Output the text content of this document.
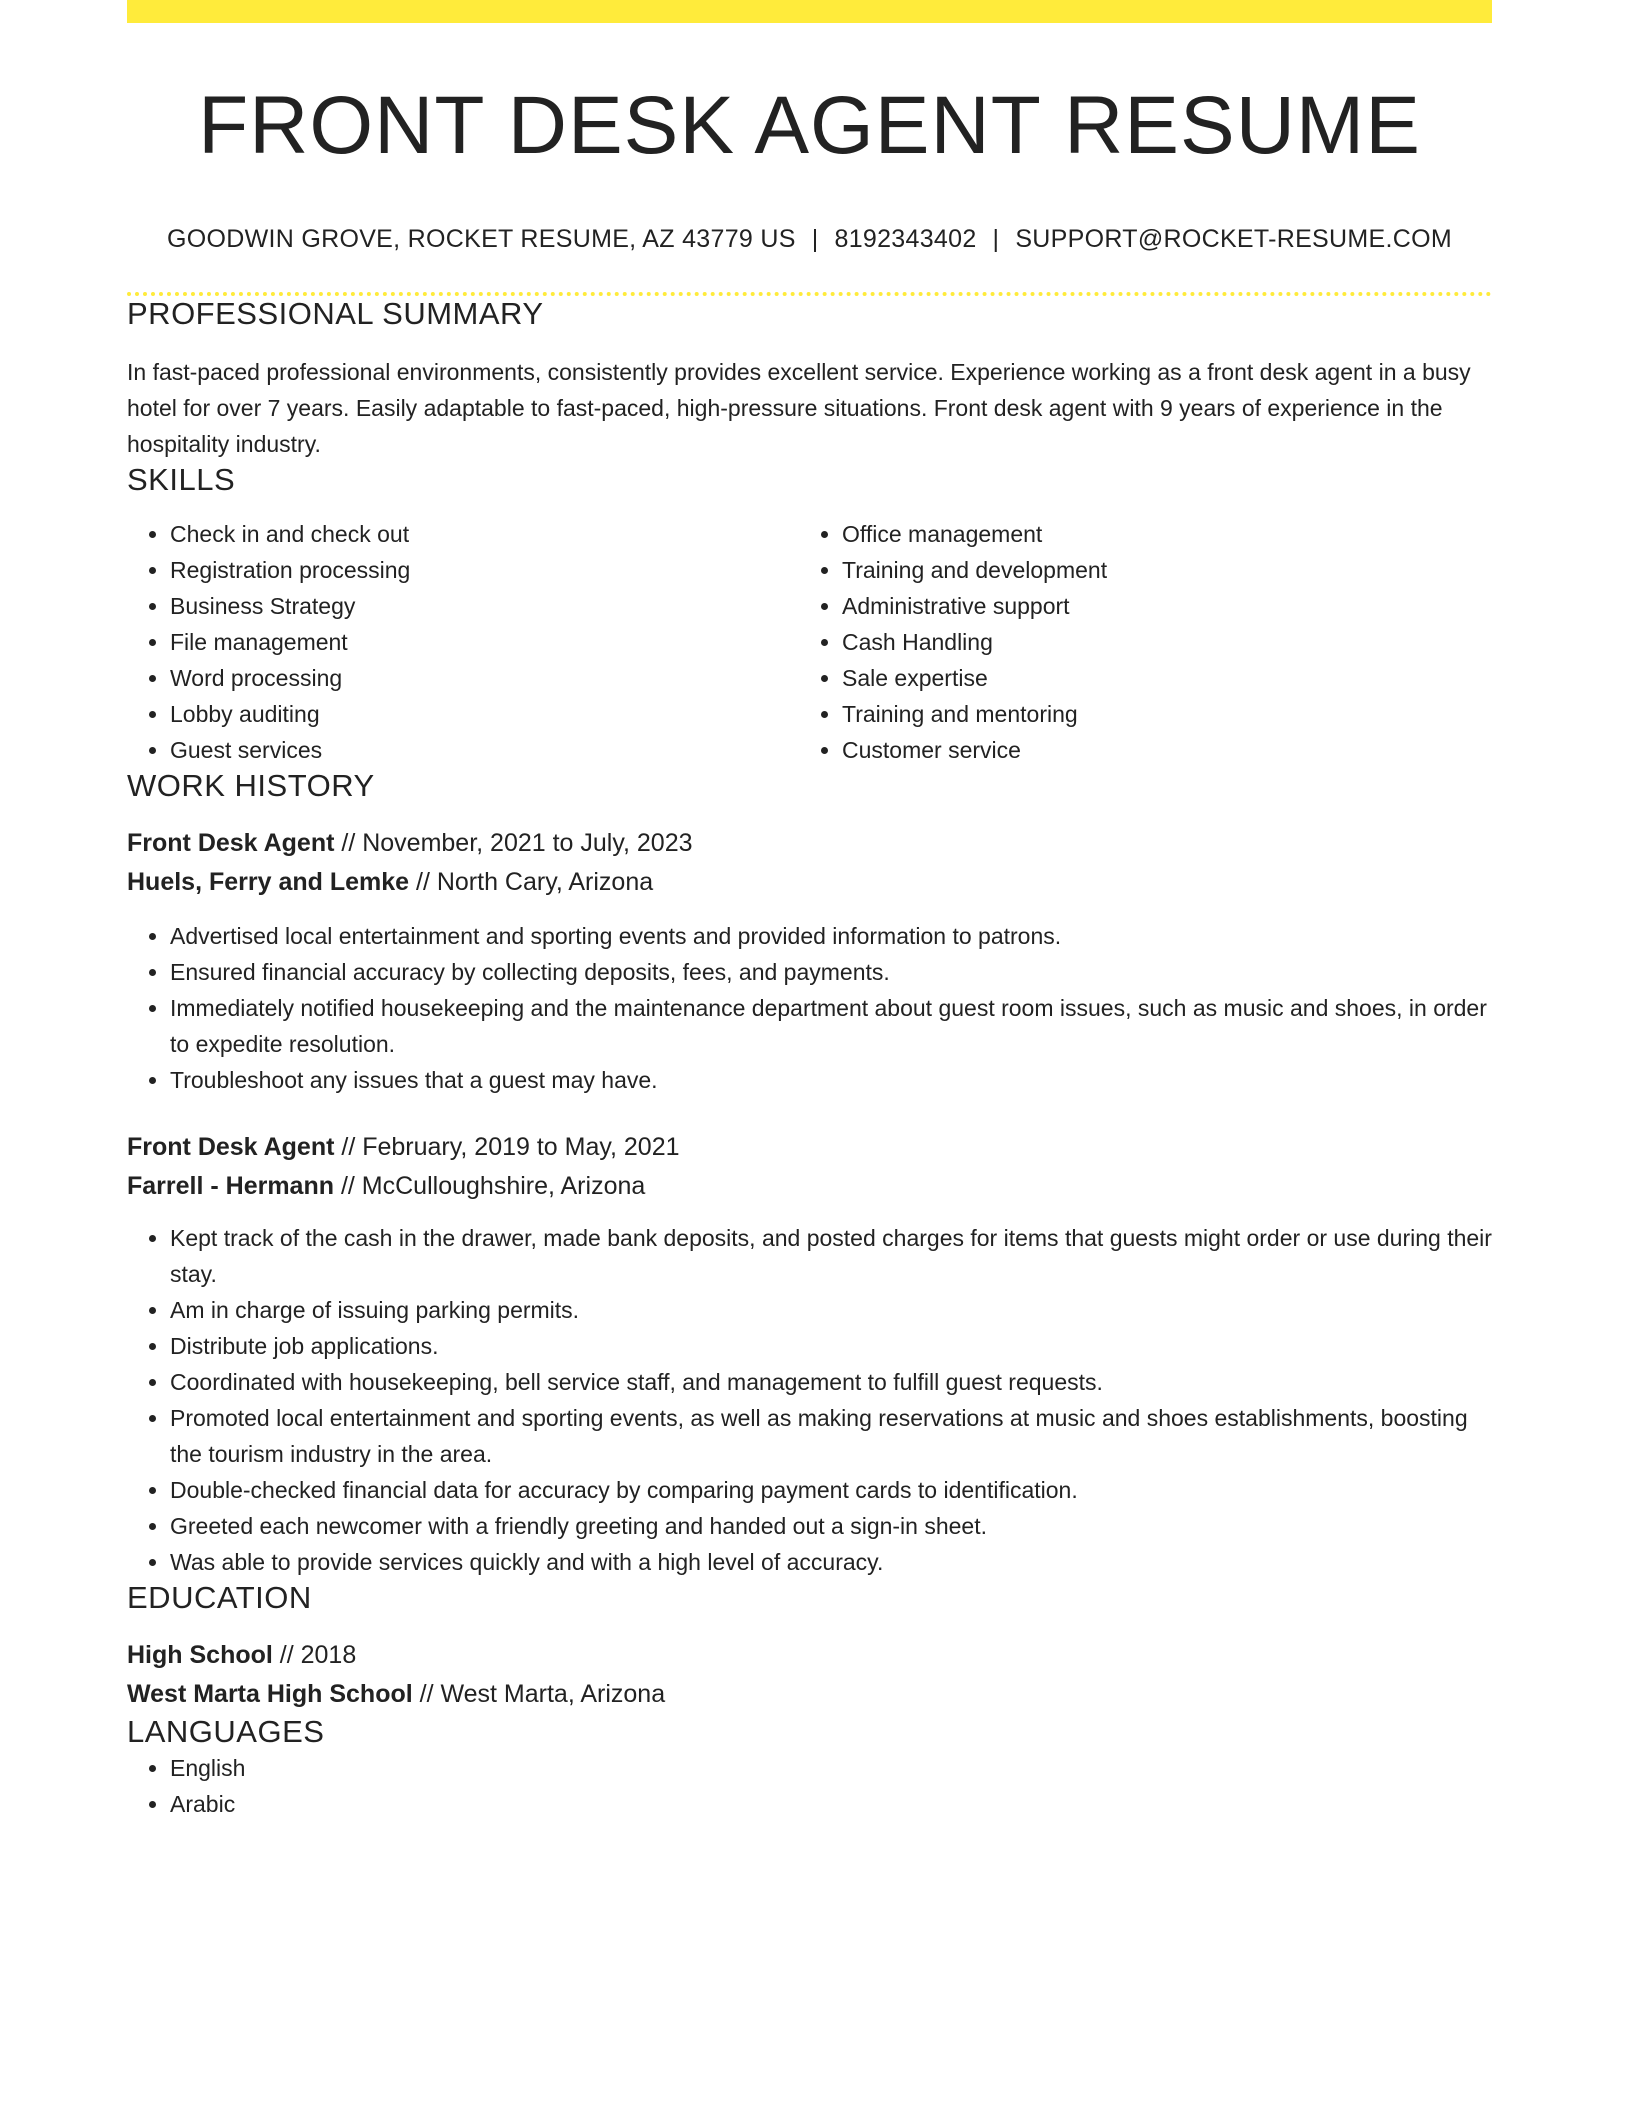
FRONT DESK AGENT RESUME
GOODWIN GROVE, ROCKET RESUME, AZ 43779 US | 8192343402 | SUPPORT@ROCKET-RESUME.COM
PROFESSIONAL SUMMARY
In fast-paced professional environments, consistently provides excellent service. Experience working as a front desk agent in a busy hotel for over 7 years. Easily adaptable to fast-paced, high-pressure situations. Front desk agent with 9 years of experience in the hospitality industry.
SKILLS
• Check in and check out
• Registration processing
• Business Strategy
• File management
• Word processing
• Lobby auditing
• Guest services
• Office management
• Training and development
• Administrative support
• Cash Handling
• Sale expertise
• Training and mentoring
• Customer service
WORK HISTORY
Front Desk Agent // November, 2021 to July, 2023
Huels, Ferry and Lemke // North Cary, Arizona
• Advertised local entertainment and sporting events and provided information to patrons.
• Ensured financial accuracy by collecting deposits, fees, and payments.
• Immediately notified housekeeping and the maintenance department about guest room issues, such as music and shoes, in order to expedite resolution.
• Troubleshoot any issues that a guest may have.
Front Desk Agent // February, 2019 to May, 2021
Farrell - Hermann // McCulloughshire, Arizona
• Kept track of the cash in the drawer, made bank deposits, and posted charges for items that guests might order or use during their stay.
• Am in charge of issuing parking permits.
• Distribute job applications.
• Coordinated with housekeeping, bell service staff, and management to fulfill guest requests.
• Promoted local entertainment and sporting events, as well as making reservations at music and shoes establishments, boosting the tourism industry in the area.
• Double-checked financial data for accuracy by comparing payment cards to identification.
• Greeted each newcomer with a friendly greeting and handed out a sign-in sheet.
• Was able to provide services quickly and with a high level of accuracy.
EDUCATION
High School // 2018
West Marta High School // West Marta, Arizona
LANGUAGES
• English
• Arabic
